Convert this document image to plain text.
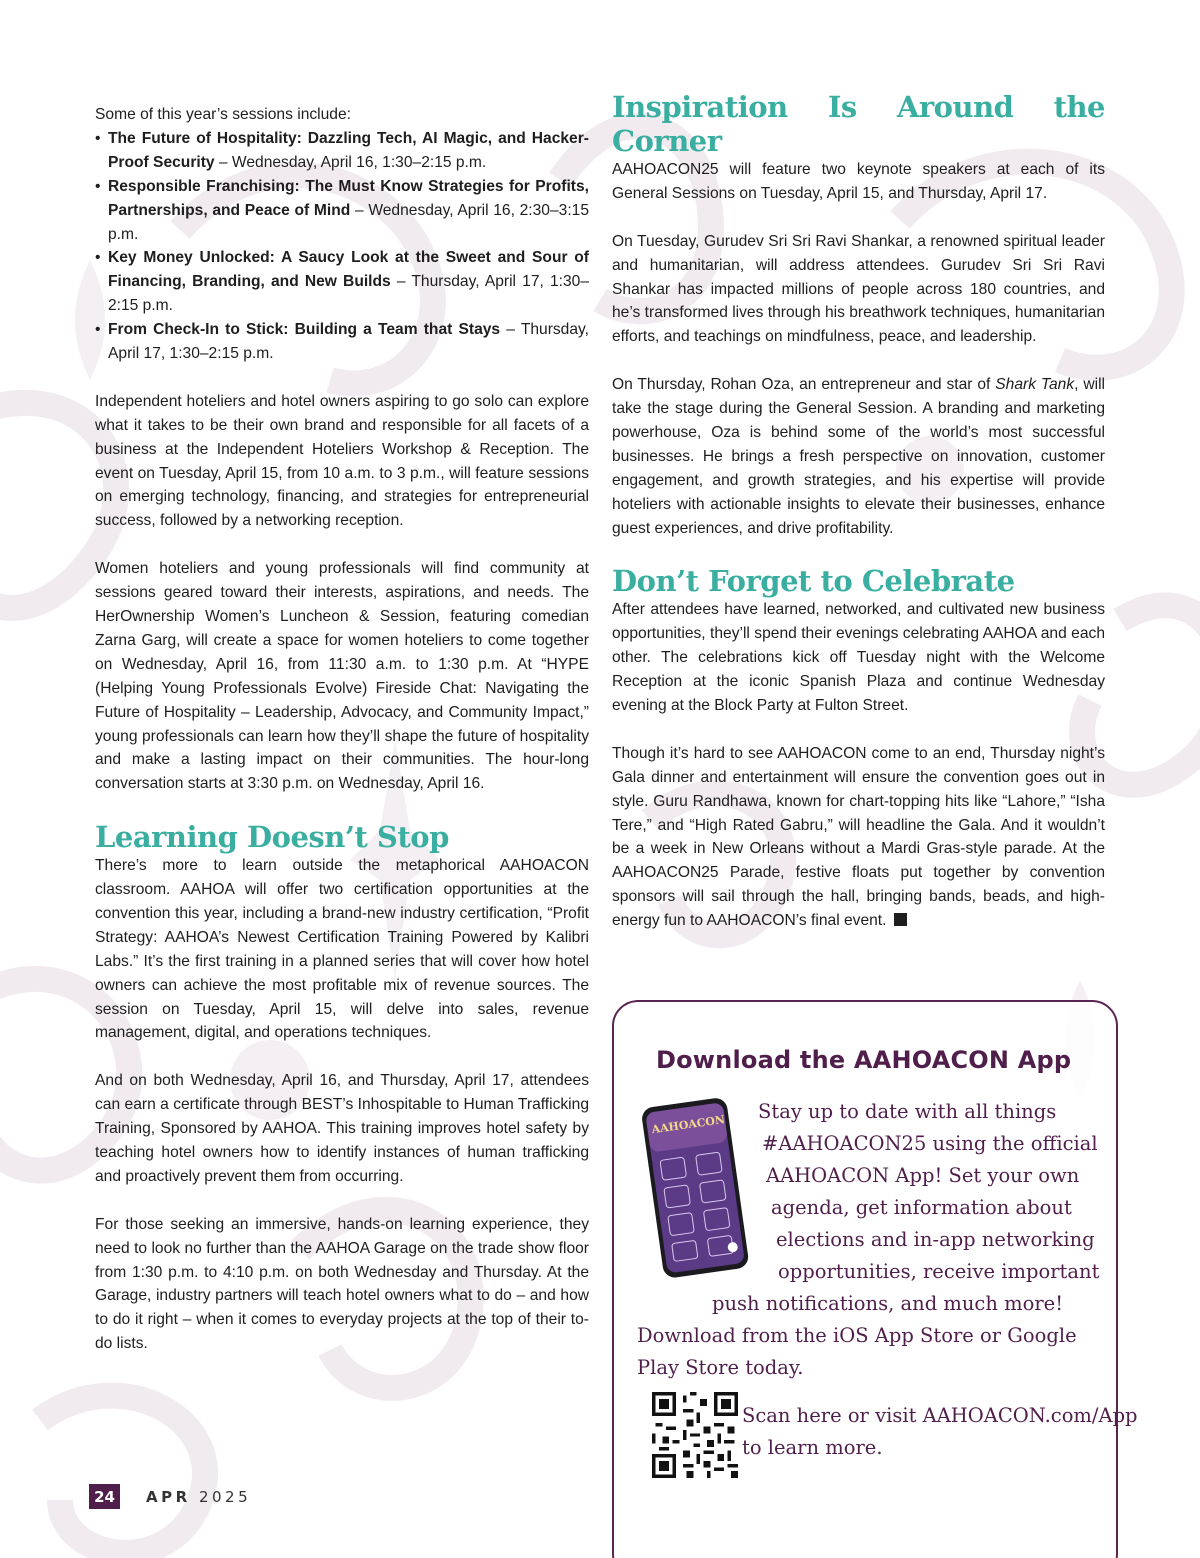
Some of this year’s sessions include:
• The Future of Hospitality: Dazzling Tech, AI Magic, and Hacker-Proof Security – Wednesday, April 16, 1:30–2:15 p.m.
• Responsible Franchising: The Must Know Strategies for Profits, Partnerships, and Peace of Mind – Wednesday, April 16, 2:30–3:15 p.m.
• Key Money Unlocked: A Saucy Look at the Sweet and Sour of Financing, Branding, and New Builds – Thursday, April 17, 1:30–2:15 p.m.
• From Check-In to Stick: Building a Team that Stays – Thursday, April 17, 1:30–2:15 p.m.

Independent hoteliers and hotel owners aspiring to go solo can explore what it takes to be their own brand and responsible for all facets of a business at the Independent Hoteliers Workshop & Reception. The event on Tuesday, April 15, from 10 a.m. to 3 p.m., will feature sessions on emerging technology, financing, and strategies for entrepreneurial success, followed by a networking reception.

Women hoteliers and young professionals will find community at sessions geared toward their interests, aspirations, and needs. The HerOwnership Women’s Luncheon & Session, featuring comedian Zarna Garg, will create a space for women hoteliers to come together on Wednesday, April 16, from 11:30 a.m. to 1:30 p.m. At “HYPE (Helping Young Professionals Evolve) Fireside Chat: Navigating the Future of Hospitality – Leadership, Advocacy, and Community Impact,” young professionals can learn how they’ll shape the future of hospitality and make a lasting impact on their communities. The hour-long conversation starts at 3:30 p.m. on Wednesday, April 16.

Learning Doesn’t Stop

There’s more to learn outside the metaphorical AAHOACON classroom. AAHOA will offer two certification opportunities at the convention this year, including a brand-new industry certification, “Profit Strategy: AAHOA’s Newest Certification Training Powered by Kalibri Labs.” It’s the first training in a planned series that will cover how hotel owners can achieve the most profitable mix of revenue sources. The session on Tuesday, April 15, will delve into sales, revenue management, digital, and operations techniques.

And on both Wednesday, April 16, and Thursday, April 17, attendees can earn a certificate through BEST’s Inhospitable to Human Trafficking Training, Sponsored by AAHOA. This training improves hotel safety by teaching hotel owners how to identify instances of human trafficking and proactively prevent them from occurring.

For those seeking an immersive, hands-on learning experience, they need to look no further than the AAHOA Garage on the trade show floor from 1:30 p.m. to 4:10 p.m. on both Wednesday and Thursday. At the Garage, industry partners will teach hotel owners what to do – and how to do it right – when it comes to everyday projects at the top of their to-do lists.

Inspiration Is Around the Corner

AAHOACON25 will feature two keynote speakers at each of its General Sessions on Tuesday, April 15, and Thursday, April 17.

On Tuesday, Gurudev Sri Sri Ravi Shankar, a renowned spiritual leader and humanitarian, will address attendees. Gurudev Sri Sri Ravi Shankar has impacted millions of people across 180 countries, and he’s transformed lives through his breathwork techniques, humanitarian efforts, and teachings on mindfulness, peace, and leadership.

On Thursday, Rohan Oza, an entrepreneur and star of Shark Tank, will take the stage during the General Session. A branding and marketing powerhouse, Oza is behind some of the world’s most successful businesses. He brings a fresh perspective on innovation, customer engagement, and growth strategies, and his expertise will provide hoteliers with actionable insights to elevate their businesses, enhance guest experiences, and drive profitability.

Don’t Forget to Celebrate

After attendees have learned, networked, and cultivated new business opportunities, they’ll spend their evenings celebrating AAHOA and each other. The celebrations kick off Tuesday night with the Welcome Reception at the iconic Spanish Plaza and continue Wednesday evening at the Block Party at Fulton Street.

Though it’s hard to see AAHOACON come to an end, Thursday night’s Gala dinner and entertainment will ensure the convention goes out in style. Guru Randhawa, known for chart-topping hits like “Lahore,” “Isha Tere,” and “High Rated Gabru,” will headline the Gala. And it wouldn’t be a week in New Orleans without a Mardi Gras-style parade. At the AAHOACON25 Parade, festive floats put together by convention sponsors will sail through the hall, bringing bands, beads, and high-energy fun to AAHOACON’s final event.

Download the AAHOACON App
AAHOACON
Stay up to date with all things
#AAHOACON25 using the official
AAHOACON App! Set your own
agenda, get information about
elections and in-app networking
opportunities, receive important
push notifications, and much more!
Download from the iOS App Store or Google
Play Store today.
Scan here or visit AAHOACON.com/App
to learn more.
24	APR 2025
